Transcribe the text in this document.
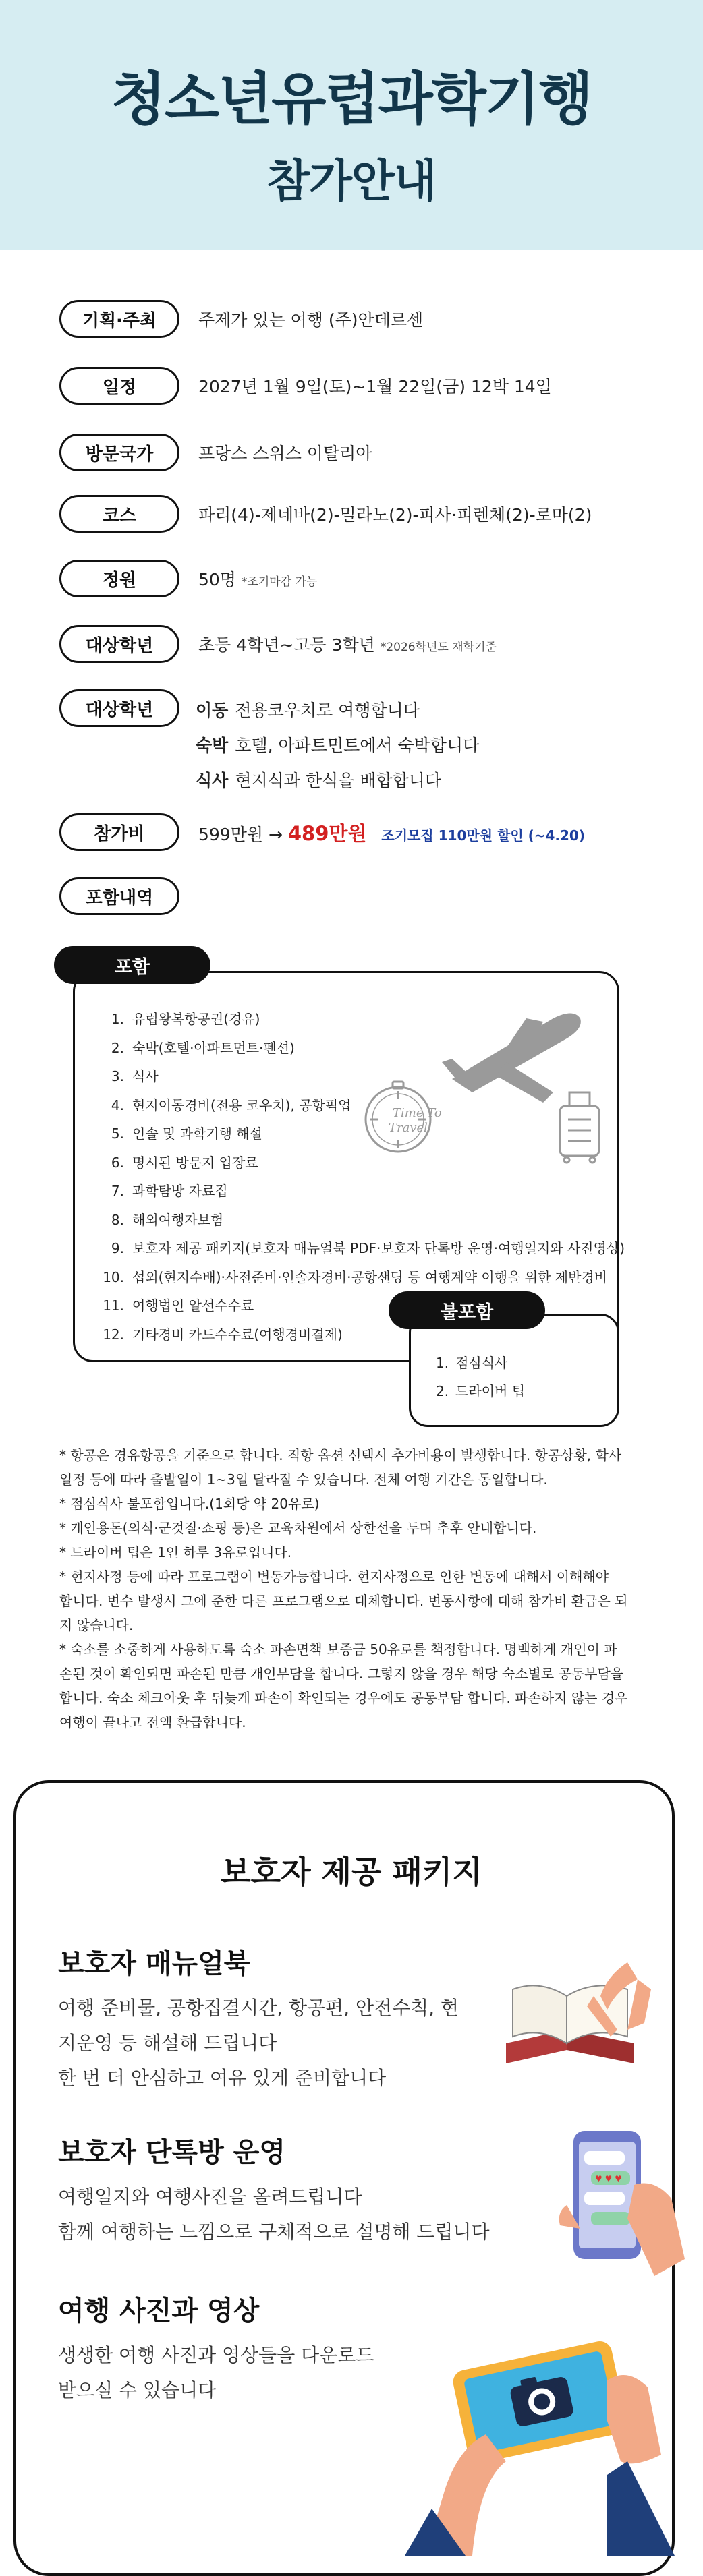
청소년유럽과학기행
참가안내
기획·주최	주제가 있는 여행 (주)안데르센
일정	2027년 1월 9일(토)~1월 22일(금) 12박 14일
방문국가	프랑스 스위스 이탈리아
코스	파리(4)-제네바(2)-밀라노(2)-피사·피렌체(2)-로마(2)
정원	50명 *조기마감 가능
대상학년	초등 4학년~고등 3학년 *2026학년도 재학기준
대상학년	이동 전용코우치로 여행합니다
숙박 호텔, 아파트먼트에서 숙박합니다
식사 현지식과 한식을 배합합니다
참가비	599만원 → 489만원 조기모집 110만원 할인 (~4.20)
포함내역
포함
1. 유럽왕복항공권(경유)
2. 숙박(호텔·아파트먼트·펜션)
3. 식사
4. 현지이동경비(전용 코우치), 공항픽업
5. 인솔 및 과학기행 해설
6. 명시된 방문지 입장료
7. 과학탐방 자료집
8. 해외여행자보험
9. 보호자 제공 패키지(보호자 매뉴얼북 PDF·보호자 단톡방 운영·여행일지와 사진영상)
10. 섭외(현지수배)·사전준비·인솔자경비·공항샌딩 등 여행계약 이행을 위한 제반경비
11. 여행법인 알선수수료
12. 기타경비 카드수수료(여행경비결제)
Time To
Travel
불포함
1. 점심식사
2. 드라이버 팁

* 항공은 경유항공을 기준으로 합니다. 직항 옵션 선택시 추가비용이 발생합니다. 항공상황, 학사

일정 등에 따라 출발일이 1~3일 달라질 수 있습니다. 전체 여행 기간은 동일합니다.

* 점심식사 불포함입니다.(1회당 약 20유로)

* 개인용돈(의식·군것질·쇼핑 등)은 교육차원에서 상한선을 두며 추후 안내합니다.

* 드라이버 팁은 1인 하루 3유로입니다.

* 현지사정 등에 따라 프로그램이 변동가능합니다. 현지사정으로 인한 변동에 대해서 이해해야

합니다. 변수 발생시 그에 준한 다른 프로그램으로 대체합니다. 변동사항에 대해 참가비 환급은 되

지 않습니다.

* 숙소를 소중하게 사용하도록 숙소 파손면책 보증금 50유로를 책정합니다. 명백하게 개인이 파

손된 것이 확인되면 파손된 만큼 개인부담을 합니다. 그렇지 않을 경우 해당 숙소별로 공동부담을

합니다. 숙소 체크아웃 후 뒤늦게 파손이 확인되는 경우에도 공동부담 합니다. 파손하지 않는 경우

여행이 끝나고 전액 환급합니다.

보호자 제공 패키지
보호자 매뉴얼북
여행 준비물, 공항집결시간, 항공편, 안전수칙, 현
지운영 등 해설해 드립니다
한 번 더 안심하고 여유 있게 준비합니다
보호자 단톡방 운영
여행일지와 여행사진을 올려드립니다
함께 여행하는 느낌으로 구체적으로 설명해 드립니다
여행 사진과 영상
생생한 여행 사진과 영상들을 다운로드
받으실 수 있습니다
♥ ♥ ♥
